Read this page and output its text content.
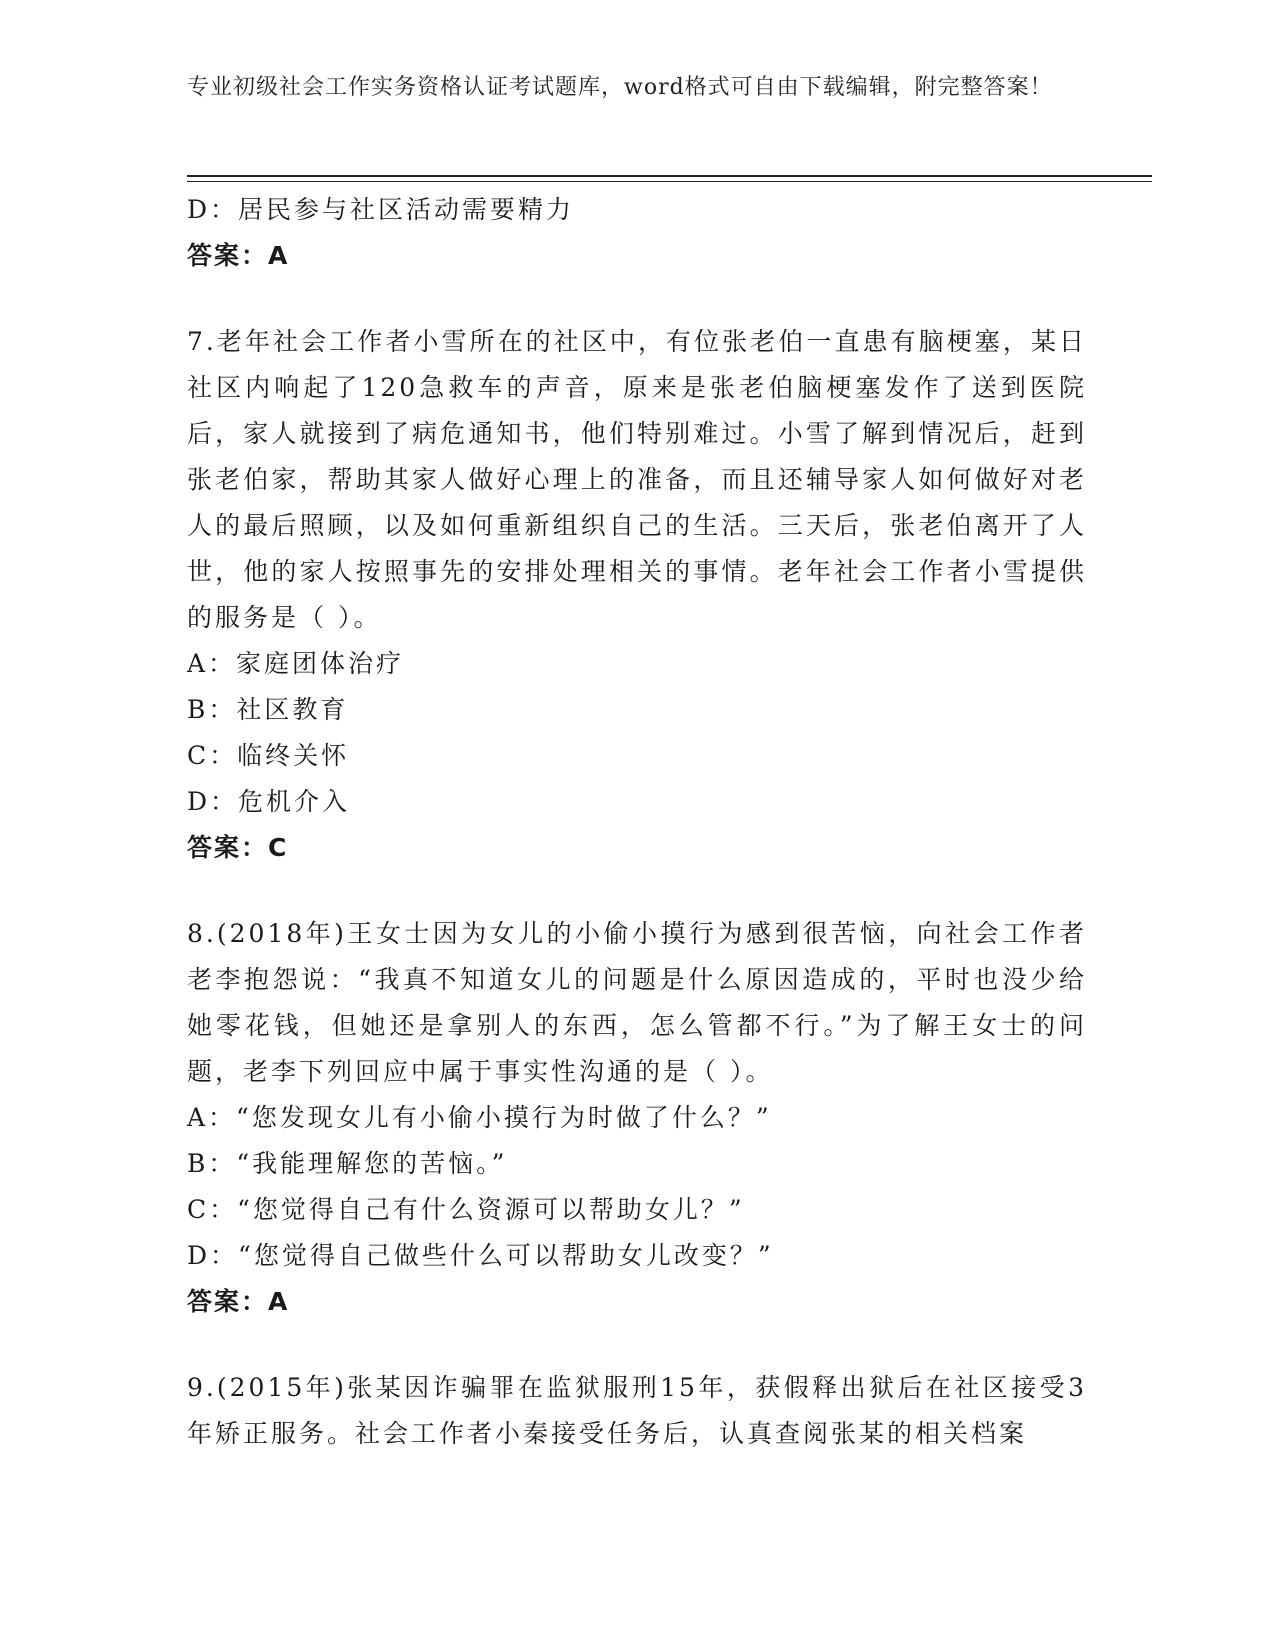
专业初级社会工作实务资格认证考试题库，word格式可自由下载编辑，附完整答案！
D：居民参与社区活动需要精力
答案：A
7.老年社会工作者小雪所在的社区中，有位张老伯一直患有脑梗塞，某日社区内响起了120急救车的声音，原来是张老伯脑梗塞发作了送到医院后，家人就接到了病危通知书，他们特别难过。小雪了解到情况后，赶到张老伯家，帮助其家人做好心理上的准备，而且还辅导家人如何做好对老人的最后照顾，以及如何重新组织自己的生活。三天后，张老伯离开了人世，他的家人按照事先的安排处理相关的事情。老年社会工作者小雪提供的服务是（ ）。
A：家庭团体治疗
B：社区教育
C：临终关怀
D：危机介入
答案：C
8.(2018年)王女士因为女儿的小偷小摸行为感到很苦恼，向社会工作者老李抱怨说：“我真不知道女儿的问题是什么原因造成的，平时也没少给她零花钱，但她还是拿别人的东西，怎么管都不行。”为了解王女士的问题，老李下列回应中属于事实性沟通的是（ ）。
A：“您发现女儿有小偷小摸行为时做了什么？”
B：“我能理解您的苦恼。”
C：“您觉得自己有什么资源可以帮助女儿？”
D：“您觉得自己做些什么可以帮助女儿改变？”
答案：A
9.(2015年)张某因诈骗罪在监狱服刑15年，获假释出狱后在社区接受3年矫正服务。社会工作者小秦接受任务后，认真查阅张某的相关档案
